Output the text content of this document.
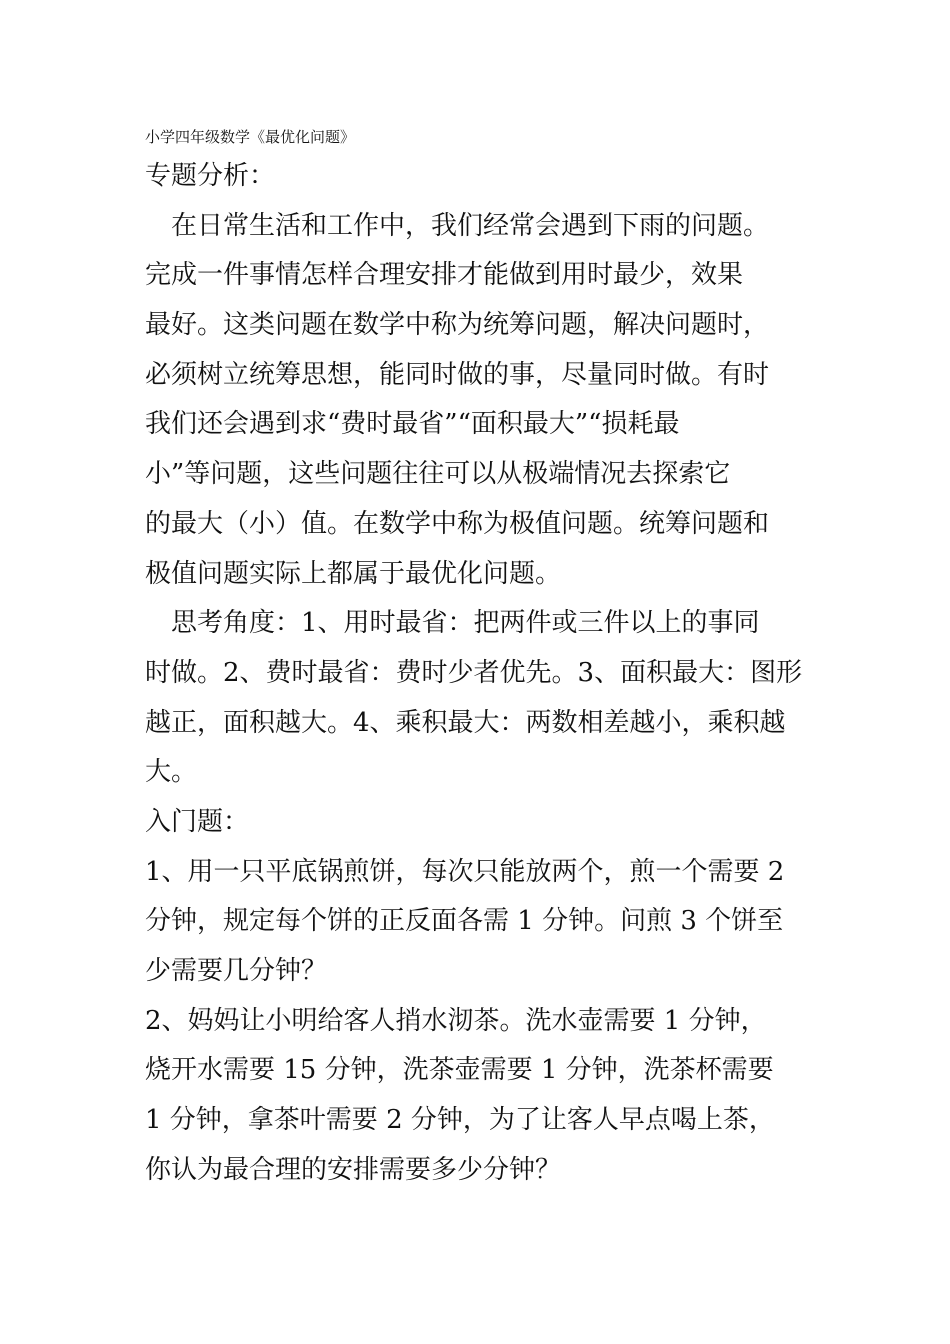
小学四年级数学《最优化问题》
专题分析：
　在日常生活和工作中，我们经常会遇到下雨的问题。
完成一件事情怎样合理安排才能做到用时最少，效果
最好。这类问题在数学中称为统筹问题，解决问题时，
必须树立统筹思想，能同时做的事，尽量同时做。有时
我们还会遇到求“费时最省”“面积最大”“损耗最
小”等问题，这些问题往往可以从极端情况去探索它
的最大（小）值。在数学中称为极值问题。统筹问题和
极值问题实际上都属于最优化问题。
　思考角度：1、用时最省：把两件或三件以上的事同
时做。2、费时最省：费时少者优先。3、面积最大：图形
越正，面积越大。4、乘积最大：两数相差越小，乘积越
大。
入门题：
1、用一只平底锅煎饼，每次只能放两个，煎一个需要 2
分钟，规定每个饼的正反面各需 1 分钟。问煎 3 个饼至
少需要几分钟？
2、妈妈让小明给客人捎水沏茶。洗水壶需要 1 分钟，
烧开水需要 15 分钟，洗茶壶需要 1 分钟，洗茶杯需要
1 分钟，拿茶叶需要 2 分钟，为了让客人早点喝上茶，
你认为最合理的安排需要多少分钟？
